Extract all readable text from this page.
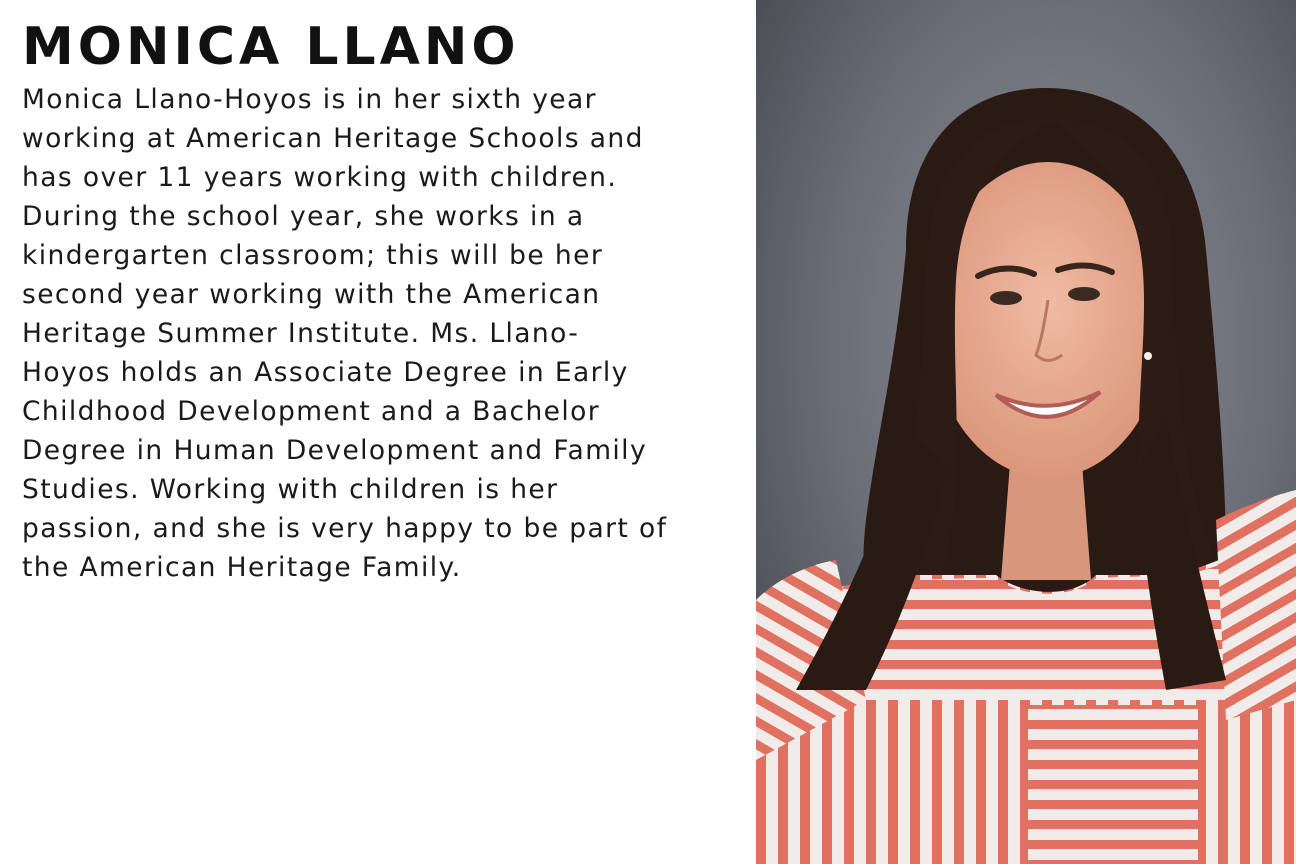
MONICA LLANO

Monica Llano-Hoyos is in her sixth year
working at American Heritage Schools and
has over 11 years working with children.
During the school year, she works in a
kindergarten classroom; this will be her
second year working with the American
Heritage Summer Institute. Ms. Llano-
Hoyos holds an Associate Degree in Early
Childhood Development and a Bachelor
Degree in Human Development and Family
Studies. Working with children is her
passion, and she is very happy to be part of
the American Heritage Family.
